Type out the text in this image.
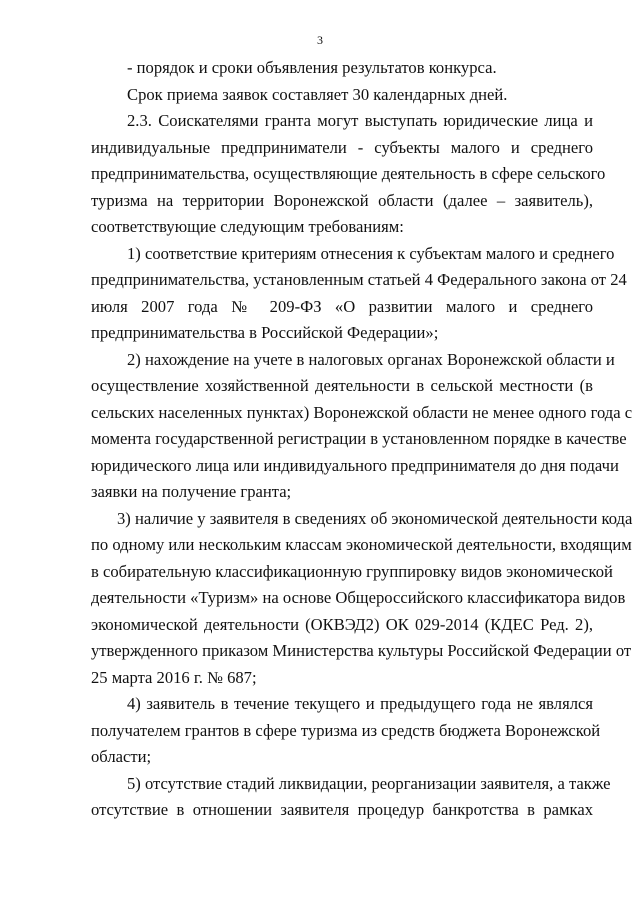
3
- порядок и сроки объявления результатов конкурса.
Срок приема заявок составляет 30 календарных дней.
2.3. Соискателями гранта могут выступать юридические лица и
индивидуальные предприниматели - субъекты малого и среднего
предпринимательства, осуществляющие деятельность в сфере сельского
туризма на территории Воронежской области (далее – заявитель),
соответствующие следующим требованиям:
1) соответствие критериям отнесения к субъектам малого и среднего
предпринимательства, установленным статьей 4 Федерального закона от 24
июля 2007 года № 209-ФЗ «О развитии малого и среднего
предпринимательства в Российской Федерации»;
2) нахождение на учете в налоговых органах Воронежской области и
осуществление хозяйственной деятельности в сельской местности (в
сельских населенных пунктах) Воронежской области не менее одного года с
момента государственной регистрации в установленном порядке в качестве
юридического лица или индивидуального предпринимателя до дня подачи
заявки на получение гранта;
3) наличие у заявителя в сведениях об экономической деятельности кода
по одному или нескольким классам экономической деятельности, входящим
в собирательную классификационную группировку видов экономической
деятельности «Туризм» на основе Общероссийского классификатора видов
экономической деятельности (ОКВЭД2) ОК 029-2014 (КДЕС Ред. 2),
утвержденного приказом Министерства культуры Российской Федерации от
25 марта 2016 г. № 687;
4) заявитель в течение текущего и предыдущего года не являлся
получателем грантов в сфере туризма из средств бюджета Воронежской
области;
5) отсутствие стадий ликвидации, реорганизации заявителя, а также
отсутствие в отношении заявителя процедур банкротства в рамках
